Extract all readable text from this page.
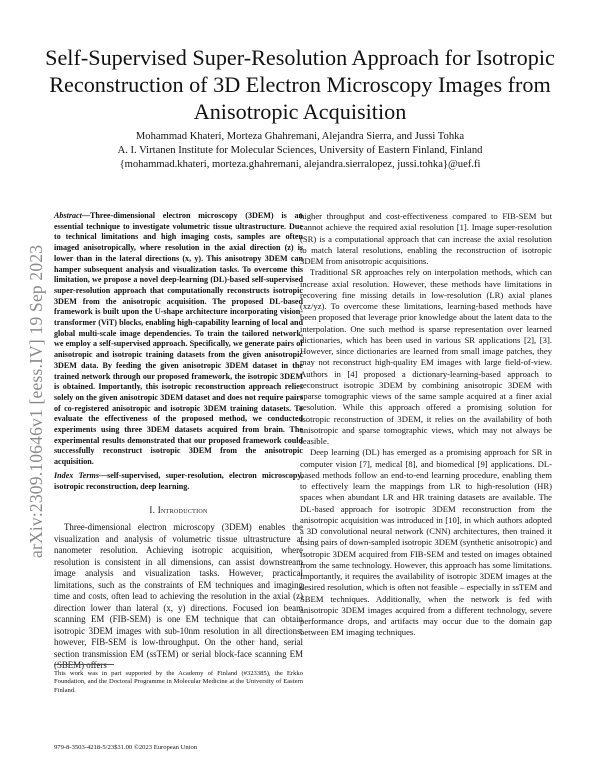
arXiv:2309.10646v1 [eess.IV] 19 Sep 2023
Self-Supervised Super-Resolution Approach for Isotropic Reconstruction of 3D Electron Microscopy Images from Anisotropic Acquisition
Mohammad Khateri, Morteza Ghahremani, Alejandra Sierra, and Jussi Tohka
A. I. Virtanen Institute for Molecular Sciences, University of Eastern Finland, Finland
{mohammad.khateri, morteza.ghahremani, alejandra.sierralopez, jussi.tohka}@uef.fi
Abstract—Three-dimensional electron microscopy (3DEM) is an essential technique to investigate volumetric tissue ultrastructure. Due to technical limitations and high imaging costs, samples are often imaged anisotropically, where resolution in the axial direction (z) is lower than in the lateral directions (x, y). This anisotropy 3DEM can hamper subsequent analysis and visualization tasks. To overcome this limitation, we propose a novel deep-learning (DL)-based self-supervised super-resolution approach that computationally reconstructs isotropic 3DEM from the anisotropic acquisition. The proposed DL-based framework is built upon the U-shape architecture incorporating vision-transformer (ViT) blocks, enabling high-capability learning of local and global multi-scale image dependencies. To train the tailored network, we employ a self-supervised approach. Specifically, we generate pairs of anisotropic and isotropic training datasets from the given anisotropic 3DEM data. By feeding the given anisotropic 3DEM dataset in the trained network through our proposed framework, the isotropic 3DEM is obtained. Importantly, this isotropic reconstruction approach relies solely on the given anisotropic 3DEM dataset and does not require pairs of co-registered anisotropic and isotropic 3DEM training datasets. To evaluate the effectiveness of the proposed method, we conducted experiments using three 3DEM datasets acquired from brain. The experimental results demonstrated that our proposed framework could successfully reconstruct isotropic 3DEM from the anisotropic acquisition.
Index Terms—self-supervised, super-resolution, electron microscopy, isotropic reconstruction, deep learning.
I. Introduction

Three-dimensional electron microscopy (3DEM) enables the visualization and analysis of volumetric tissue ultrastructure at nanometer resolution. Achieving isotropic acquisition, where resolution is consistent in all dimensions, can assist downstream image analysis and visualization tasks. However, practical limitations, such as the constraints of EM techniques and imaging time and costs, often lead to achieving the resolution in the axial (z) direction lower than lateral (x, y) directions. Focused ion beam scanning EM (FIB-SEM) is one EM technique that can obtain isotropic 3DEM images with sub-10nm resolution in all directions; however, FIB-SEM is low-throughput. On the other hand, serial section transmission EM (ssTEM) or serial block-face scanning EM (SBEM) offers

This work was in part supported by the Academy of Finland (#323385), the Erkko Foundation, and the Doctoral Programme in Molecular Medicine at the University of Eastern Finland.
979-8-3503-4218-5/23$31.00 ©2023 European Union

higher throughput and cost-effectiveness compared to FIB-SEM but cannot achieve the required axial resolution [1]. Image super-resolution (SR) is a computational approach that can increase the axial resolution to match lateral resolutions, enabling the reconstruction of isotropic 3DEM from anisotropic acquisitions.

Traditional SR approaches rely on interpolation methods, which can increase axial resolution. However, these methods have limitations in recovering fine missing details in low-resolution (LR) axial planes (xz/yz). To overcome these limitations, learning-based methods have been proposed that leverage prior knowledge about the latent data to the interpolation. One such method is sparse representation over learned dictionaries, which has been used in various SR applications [2], [3]. However, since dictionaries are learned from small image patches, they may not reconstruct high-quality EM images with large field-of-view. Authors in [4] proposed a dictionary-learning-based approach to reconstruct isotropic 3DEM by combining anisotropic 3DEM with sparse tomographic views of the same sample acquired at a finer axial resolution. While this approach offered a promising solution for isotropic reconstruction of 3DEM, it relies on the availability of both anisotropic and sparse tomographic views, which may not always be feasible.

Deep learning (DL) has emerged as a promising approach for SR in computer vision [7], medical [8], and biomedical [9] applications. DL-based methods follow an end-to-end learning procedure, enabling them to effectively learn the mappings from LR to high-resolution (HR) spaces when abundant LR and HR training datasets are available. The DL-based approach for isotropic 3DEM reconstruction from the anisotropic acquisition was introduced in [10], in which authors adopted a 3D convolutional neural network (CNN) architectures, then trained it using pairs of down-sampled isotropic 3DEM (synthetic anisotropic) and isotropic 3DEM acquired from FIB-SEM and tested on images obtained from the same technology. However, this approach has some limitations. Importantly, it requires the availability of isotropic 3DEM images at the desired resolution, which is often not feasible – especially in ssTEM and SBEM techniques. Additionally, when the network is fed with anisotropic 3DEM images acquired from a different technology, severe performance drops, and artifacts may occur due to the domain gap between EM imaging techniques.
